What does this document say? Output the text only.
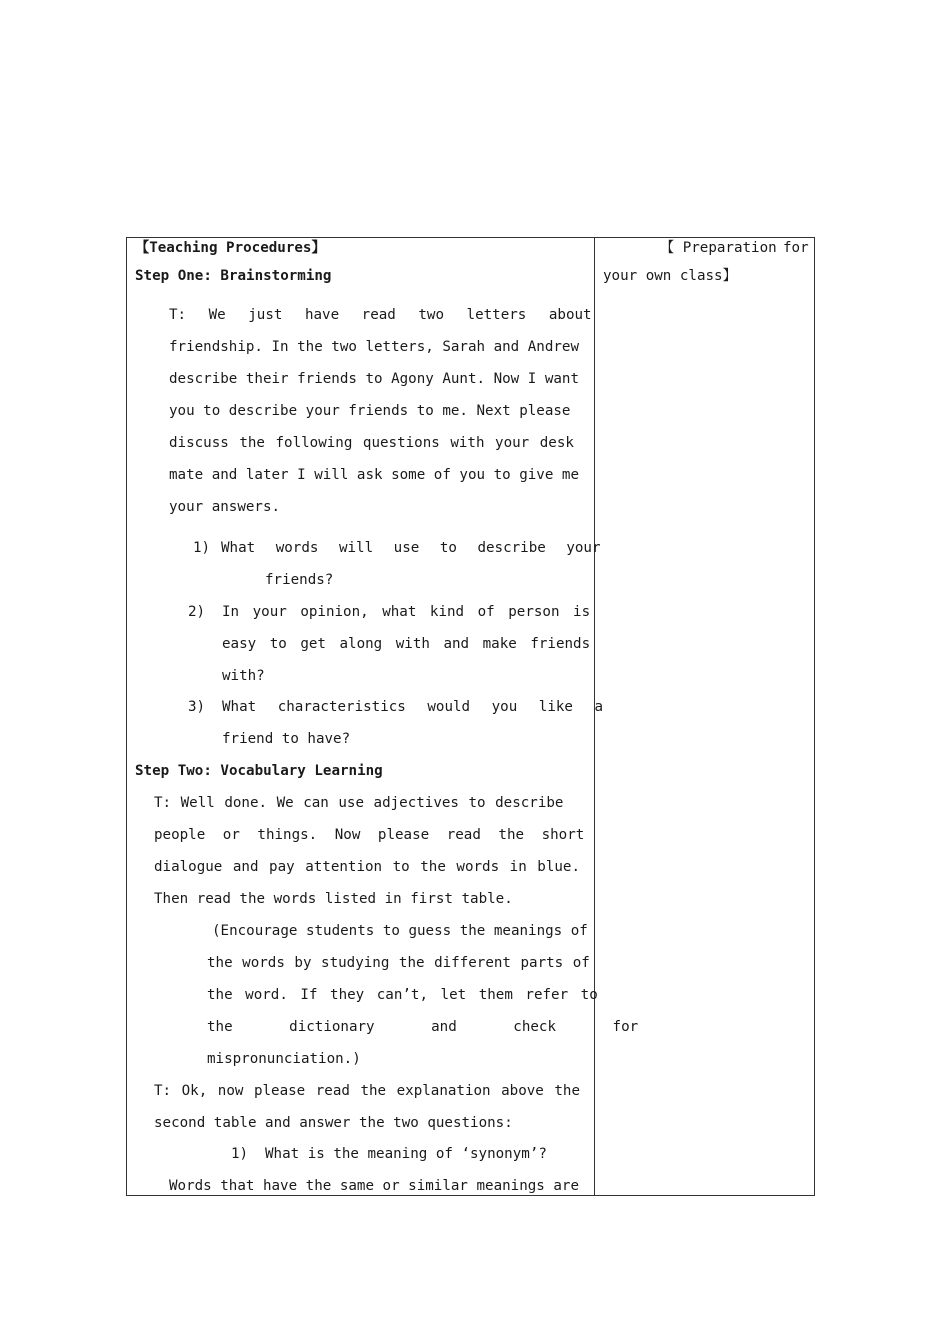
【Teaching Procedures】
Step One: Brainstorming
T: We just have read two letters about
friendship. In the two letters, Sarah and Andrew
describe their friends to Agony Aunt. Now I want
you to describe your friends to me. Next please
discuss the following questions with your desk
mate and later I will ask some of you to give me
your answers.
1) What words will use to describe your
friends?
2) In your opinion, what kind of person is
easy to get along with and make friends
with?
3) What characteristics would you like a
friend to have?
Step Two: Vocabulary Learning
T: Well done. We can use adjectives to describe
people or things. Now please read the short
dialogue and pay attention to the words in blue.
Then read the words listed in first table.
(Encourage students to guess the meanings of
the words by studying the different parts of
the word. If they can’t, let them refer to
the dictionary and check for
mispronunciation.)
T: Ok, now please read the explanation above the
second table and answer the two questions:
1) What is the meaning of ‘synonym’?
Words that have the same or similar meanings are
【 Preparation for
your own class】
